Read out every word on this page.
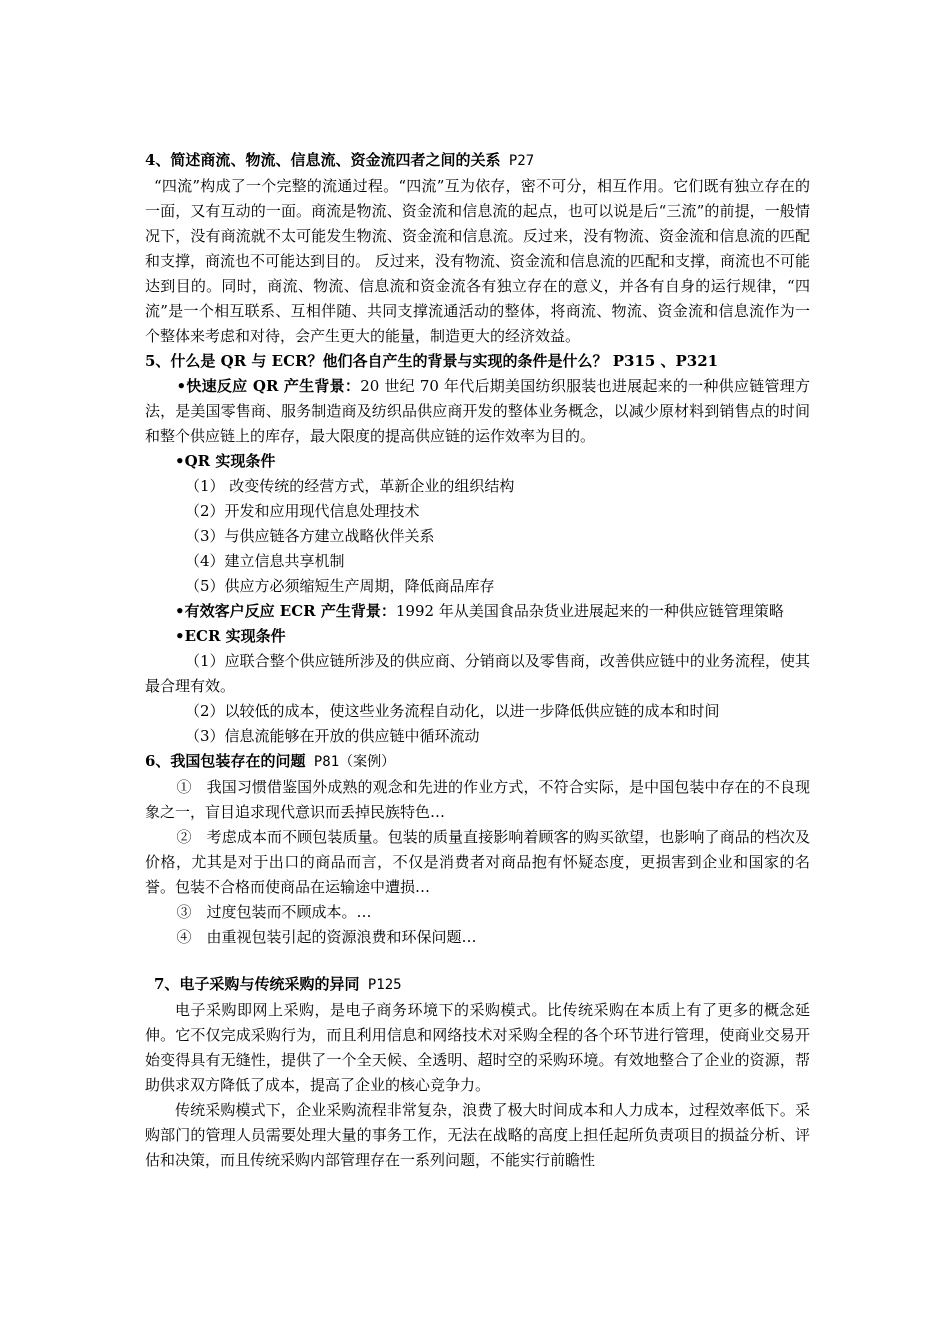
4、简述商流、物流、信息流、资金流四者之间的关系 P27

“四流”构成了一个完整的流通过程。“四流”互为依存，密不可分，相互作用。它们既有独立存在的一面，又有互动的一面。商流是物流、资金流和信息流的起点，也可以说是后“三流”的前提，一般情况下，没有商流就不太可能发生物流、资金流和信息流。反过来，没有物流、资金流和信息流的匹配和支撑，商流也不可能达到目的。 反过来，没有物流、资金流和信息流的匹配和支撑，商流也不可能达到目的。同时，商流、物流、信息流和资金流各有独立存在的意义，并各有自身的运行规律，“四流”是一个相互联系、互相伴随、共同支撑流通活动的整体，将商流、物流、资金流和信息流作为一个整体来考虑和对待，会产生更大的能量，制造更大的经济效益。

5、什么是 QR 与 ECR？他们各自产生的背景与实现的条件是什么？ P315 、P321

•快速反应 QR 产生背景：20 世纪 70 年代后期美国纺织服装也进展起来的一种供应链管理方法，是美国零售商、服务制造商及纺织品供应商开发的整体业务概念，以减少原材料到销售点的时间和整个供应链上的库存，最大限度的提高供应链的运作效率为目的。

•QR 实现条件

（1） 改变传统的经营方式，革新企业的组织结构

（2）开发和应用现代信息处理技术

（3）与供应链各方建立战略伙伴关系

（4）建立信息共享机制

（5）供应方必须缩短生产周期，降低商品库存

•有效客户反应 ECR 产生背景：1992 年从美国食品杂货业进展起来的一种供应链管理策略

•ECR 实现条件

（1）应联合整个供应链所涉及的供应商、分销商以及零售商，改善供应链中的业务流程，使其最合理有效。

（2）以较低的成本，使这些业务流程自动化，以进一步降低供应链的成本和时间

（3）信息流能够在开放的供应链中循环流动

6、我国包装存在的问题 P81（案例）

①　我国习惯借鉴国外成熟的观念和先进的作业方式，不符合实际，是中国包装中存在的不良现象之一，盲目追求现代意识而丢掉民族特色…

②　考虑成本而不顾包装质量。包装的质量直接影响着顾客的购买欲望，也影响了商品的档次及价格，尤其是对于出口的商品而言，不仅是消费者对商品抱有怀疑态度，更损害到企业和国家的名誉。包装不合格而使商品在运输途中遭损…

③　过度包装而不顾成本。…

④　由重视包装引起的资源浪费和环保问题…

7、电子采购与传统采购的异同 P125

电子采购即网上采购，是电子商务环境下的采购模式。比传统采购在本质上有了更多的概念延伸。它不仅完成采购行为，而且利用信息和网络技术对采购全程的各个环节进行管理，使商业交易开始变得具有无缝性，提供了一个全天候、全透明、超时空的采购环境。有效地整合了企业的资源，帮助供求双方降低了成本，提高了企业的核心竞争力。

传统采购模式下，企业采购流程非常复杂，浪费了极大时间成本和人力成本，过程效率低下。采购部门的管理人员需要处理大量的事务工作，无法在战略的高度上担任起所负责项目的损益分析、评估和决策，而且传统采购内部管理存在一系列问题，不能实行前瞻性
